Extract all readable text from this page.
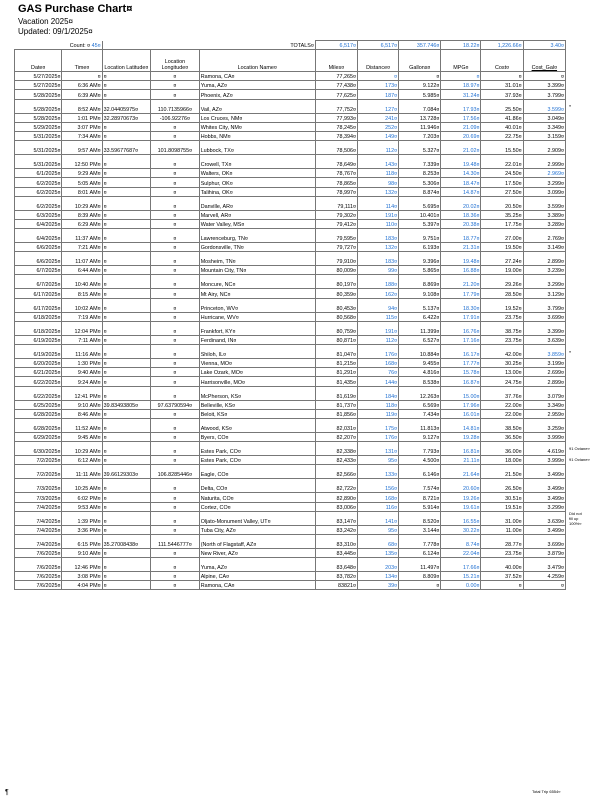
GAS Purchase Chart¤
Vacation 2025¤
Updated: 09/1/2025¤
Count: ¤ 45¤		TOTALS¤			6,517¤	6,517¤	357.746¤	18.22¤	1,226.66¤	3.40¤
Date¤	Time¤	Location Latitude¤	Location Longitude¤	Location Name¤	Miles¤	Distance¤	Gallons¤	MPG¤	Cost¤	Cost_Gal¤
5/27/2025¤	¤	¤	¤	Ramona, CA¤	77,265¤	¤	¤	¤	¤	¤
5/27/2025¤	6:36 AM¤	¤	¤	Yuma, AZ¤	77,438¤	173¤	9.122¤	18.97¤	31.01¤	3.399¤
5/28/2025¤	6:39 AM¤	¤	¤	Phoenix, AZ¤	77,625¤	187¤	5.985¤	31.24¤	37.93¤	3.799¤
5/28/2025¤	8:52 AM¤	32.04405975¤	110.7135966¤	Vail, AZ¤	77,752¤	127¤	7.084¤	17.93¤	25.50¤	3.599¤
5/28/2025¤	1:01 PM¤	32.28970673¤	-106.92276¤	Los Cruces, NM¤	77,993¤	241¤	13.728¤	17.56¤	41.86¤	3.049¤
5/29/2025¤	3:07 PM¤	¤	¤	Whites City, NM¤	78,245¤	252¤	11.946¤	21.09¤	40.01¤	3.349¤
5/31/2025¤	7:34 AM¤	¤	¤	Hobbs, NM¤	78,394¤	149¤	7.203¤	20.69¤	22.75¤	3.159¤
5/31/2025¤	9:57 AM¤	33.59677687¤	101.8098755¤	Lubbock, TX¤	78,506¤	112¤	5.327¤	21.02¤	15.50¤	2.909¤
5/31/2025¤	12:50 PM¤	¤	¤	Crowell, TX¤	78,649¤	143¤	7.339¤	19.48¤	22.01¤	2.999¤
6/1/2025¤	9:29 AM¤	¤	¤	Walters, OK¤	78,767¤	118¤	8.253¤	14.30¤	24.50¤	2.969¤
6/2/2025¤	5:05 AM¤	¤	¤	Sulphur, OK¤	78,865¤	98¤	5.306¤	18.47¤	17.50¤	3.299¤
6/2/2025¤	8:01 AM¤	¤	¤	Talihina, OK¤	78,997¤	132¤	8.874¤	14.87¤	27.50¤	3.099¤
6/2/2025¤	10:29 AM¤	¤	¤	Danville, AR¤	79,111¤	114¤	5.695¤	20.02¤	20.50¤	3.599¤
6/3/2025¤	8:39 AM¤	¤	¤	Marvell, AR¤	79,302¤	191¤	10.401¤	18.36¤	35.25¤	3.389¤
6/4/2025¤	6:29 AM¤	¤	¤	Water Valley, MS¤	79,412¤	110¤	5.397¤	20.38¤	17.75¤	3.289¤
6/4/2025¤	11:37 AM¤	¤	¤	Lawrenceburg, TN¤	79,595¤	183¤	9.751¤	18.77¤	27.00¤	2.769¤
6/6/2025¤	7:21 AM¤	¤	¤	Gordonsville, TN¤	79,727¤	132¤	6.193¤	21.31¤	19.50¤	3.149¤
6/6/2025¤	11:07 AM¤	¤	¤	Mosheim, TN¤	79,910¤	183¤	9.396¤	19.48¤	27.24¤	2.899¤
6/7/2025¤	6:44 AM¤	¤	¤	Mountain City, TN¤	80,009¤	99¤	5.865¤	16.88¤	19.00¤	3.239¤
6/7/2025¤	10:40 AM¤	¤	¤	Moncure, NC¤	80,197¤	188¤	8.869¤	21.20¤	29.26¤	3.299¤
6/17/2025¤	8:15 AM¤	¤	¤	Mt Airy, NC¤	80,359¤	162¤	9.108¤	17.79¤	28.50¤	3.129¤
6/17/2025¤	10:02 AM¤	¤	¤	Princeton, WV¤	80,453¤	94¤	5.137¤	18.30¤	19.52¤	3.799¤
6/18/2025¤	7:19 AM¤	¤	¤	Hurricane, WV¤	80,568¤	115¤	6.422¤	17.91¤	23.75¤	3.699¤
6/18/2025¤	12:04 PM¤	¤	¤	Frankfort, KY¤	80,759¤	191¤	11.399¤	16.76¤	38.75¤	3.399¤
6/19/2025¤	7:11 AM¤	¤	¤	Ferdinand, IN¤	80,871¤	112¤	6.527¤	17.16¤	23.75¤	3.639¤
6/19/2025¤	11:16 AM¤	¤	¤	Shiloh, IL¤	81,047¤	176¤	10.884¤	16.17¤	42.00¤	3.859¤
6/20/2025¤	1:30 PM¤	¤	¤	Vienna, MO¤	81,215¤	168¤	9.455¤	17.77¤	30.25¤	3.199¤
6/21/2025¤	9:40 AM¤	¤	¤	Lake Ozark, MO¤	81,291¤	76¤	4.816¤	15.78¤	13.00¤	2.699¤
6/22/2025¤	9:24 AM¤	¤	¤	Harrisonville, MO¤	81,435¤	144¤	8.538¤	16.87¤	24.75¤	2.899¤
6/22/2025¤	12:41 PM¤	¤	¤	McPherson, KS¤	81,619¤	184¤	12.263¤	15.00¤	37.76¤	3.079¤
6/25/2025¤	9:10 AM¤	39.83493805¤	97.63790594¤	Belleville, KS¤	81,737¤	118¤	6.569¤	17.96¤	22.00¤	3.349¤
6/28/2025¤	8:46 AM¤	¤	¤	Beloit, KS¤	81,856¤	119¤	7.434¤	16.01¤	22.00¤	2.959¤
6/28/2025¤	11:52 AM¤	¤	¤	Atwood, KS¤	82,031¤	175¤	11.813¤	14.81¤	38.50¤	3.259¤
6/29/2025¤	9:45 AM¤	¤	¤	Byers, CO¤	82,207¤	176¤	9.127¤	19.28¤	36.50¤	3.999¤
6/30/2025¤	10:29 AM¤	¤	¤	Estes Park, CO¤	82,338¤	131¤	7.793¤	16.81¤	36.00¤	4.619¤
7/2/2025¤	6:12 AM¤	¤	¤	Estes Park, CO¤	82,433¤	95¤	4.500¤	21.11¤	18.00¤	3.999¤
7/2/2025¤	11:11 AM¤	39.66129303¤	106.8285446¤	Eagle, CO¤	82,566¤	133¤	6.146¤	21.64¤	21.50¤	3.499¤
7/3/2025¤	10:25 AM¤	¤	¤	Delta, CO¤	82,722¤	156¤	7.574¤	20.60¤	26.50¤	3.499¤
7/3/2025¤	6:02 PM¤	¤	¤	Naturita, CO¤	82,890¤	168¤	8.721¤	19.26¤	30.51¤	3.499¤
7/4/2025¤	9:53 AM¤	¤	¤	Cortez, CO¤	83,006¤	116¤	5.914¤	19.61¤	19.51¤	3.299¤
7/4/2025¤	1:39 PM¤	¤	¤	Oljato-Monument Valley, UT¤	83,147¤	141¤	8.520¤	16.55¤	31.00¤	3.639¤
7/4/2025¤	3:36 PM¤	¤	¤	Tuba City, AZ¤	83,242¤	95¤	3.144¤	30.22¤	11.00¤	3.499¤
7/4/2025¤	6:15 PM¤	35.27008438¤	111.5446777¤	(North of Flagstaff, AZ¤	83,310¤	68¤	7.778¤	8.74¤	28.77¤	3.699¤
7/6/2025¤	9:10 AM¤	¤	¤	New River, AZ¤	83,445¤	135¤	6.124¤	22.04¤	23.75¤	3.879¤
7/6/2025¤	12:46 PM¤	¤	¤	Yuma, AZ¤	83,648¤	203¤	11.497¤	17.66¤	40.00¤	3.479¤
7/6/2025¤	3:08 PM¤	¤	¤	Alpine, CA¤	83,782¤	134¤	8.809¤	15.21¤	37.52¤	4.259¤
7/6/2025¤	4:04 PM¤	¤	¤	Ramona, CA¤	83821¤	39¤	¤	0.00¤	¤	¤
¤
¤
91 Octane¤
91 Octane¤
Did not fill up 100%¤
Total Trip 6554¤
¶
